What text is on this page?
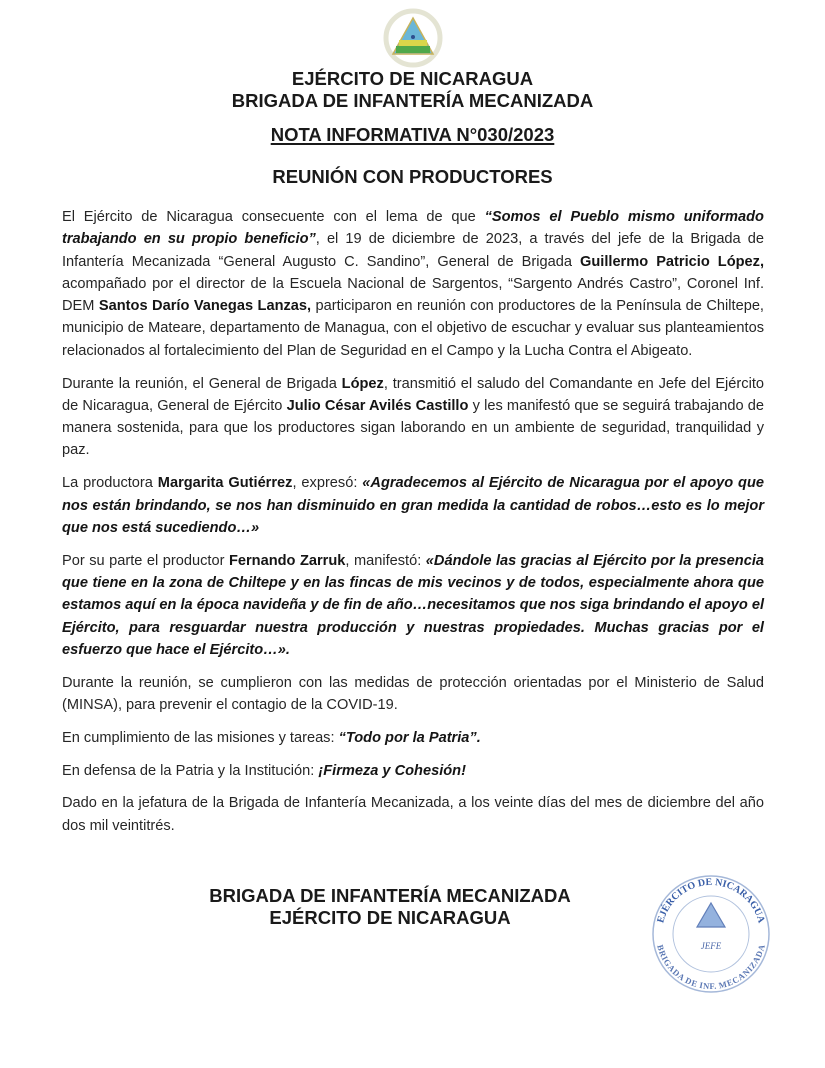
EJÉRCITO DE NICARAGUA
BRIGADA DE INFANTERÍA MECANIZADA
NOTA INFORMATIVA N°030/2023
REUNIÓN CON PRODUCTORES

El Ejército de Nicaragua consecuente con el lema de que “Somos el Pueblo mismo uniformado trabajando en su propio beneficio”, el 19 de diciembre de 2023, a través del jefe de la Brigada de Infantería Mecanizada “General Augusto C. Sandino”, General de Brigada Guillermo Patricio López, acompañado por el director de la Escuela Nacional de Sargentos, “Sargento Andrés Castro”, Coronel Inf. DEM Santos Darío Vanegas Lanzas, participaron en reunión con productores de la Península de Chiltepe, municipio de Mateare, departamento de Managua, con el objetivo de escuchar y evaluar sus planteamientos relacionados al fortalecimiento del Plan de Seguridad en el Campo y la Lucha Contra el Abigeato.

Durante la reunión, el General de Brigada López, transmitió el saludo del Comandante en Jefe del Ejército de Nicaragua, General de Ejército Julio César Avilés Castillo y les manifestó que se seguirá trabajando de manera sostenida, para que los productores sigan laborando en un ambiente de seguridad, tranquilidad y paz.

La productora Margarita Gutiérrez, expresó: «Agradecemos al Ejército de Nicaragua por el apoyo que nos están brindando, se nos han disminuido en gran medida la cantidad de robos…esto es lo mejor que nos está sucediendo…»

Por su parte el productor Fernando Zarruk, manifestó: «Dándole las gracias al Ejército por la presencia que tiene en la zona de Chiltepe y en las fincas de mis vecinos y de todos, especialmente ahora que estamos aquí en la época navideña y de fin de año…necesitamos que nos siga brindando el apoyo el Ejército, para resguardar nuestra producción y nuestras propiedades. Muchas gracias por el esfuerzo que hace el Ejército…».

Durante la reunión, se cumplieron con las medidas de protección orientadas por el Ministerio de Salud (MINSA), para prevenir el contagio de la COVID-19.

En cumplimiento de las misiones y tareas: “Todo por la Patria”.

En defensa de la Patria y la Institución: ¡Firmeza y Cohesión!

Dado en la jefatura de la Brigada de Infantería Mecanizada, a los veinte días del mes de diciembre del año dos mil veintitrés.

BRIGADA DE INFANTERÍA MECANIZADA
EJÉRCITO DE NICARAGUA	EJÉRCITO DE NICARAGUA
BRIGADA DE INF. MECANIZADA
JEFE
